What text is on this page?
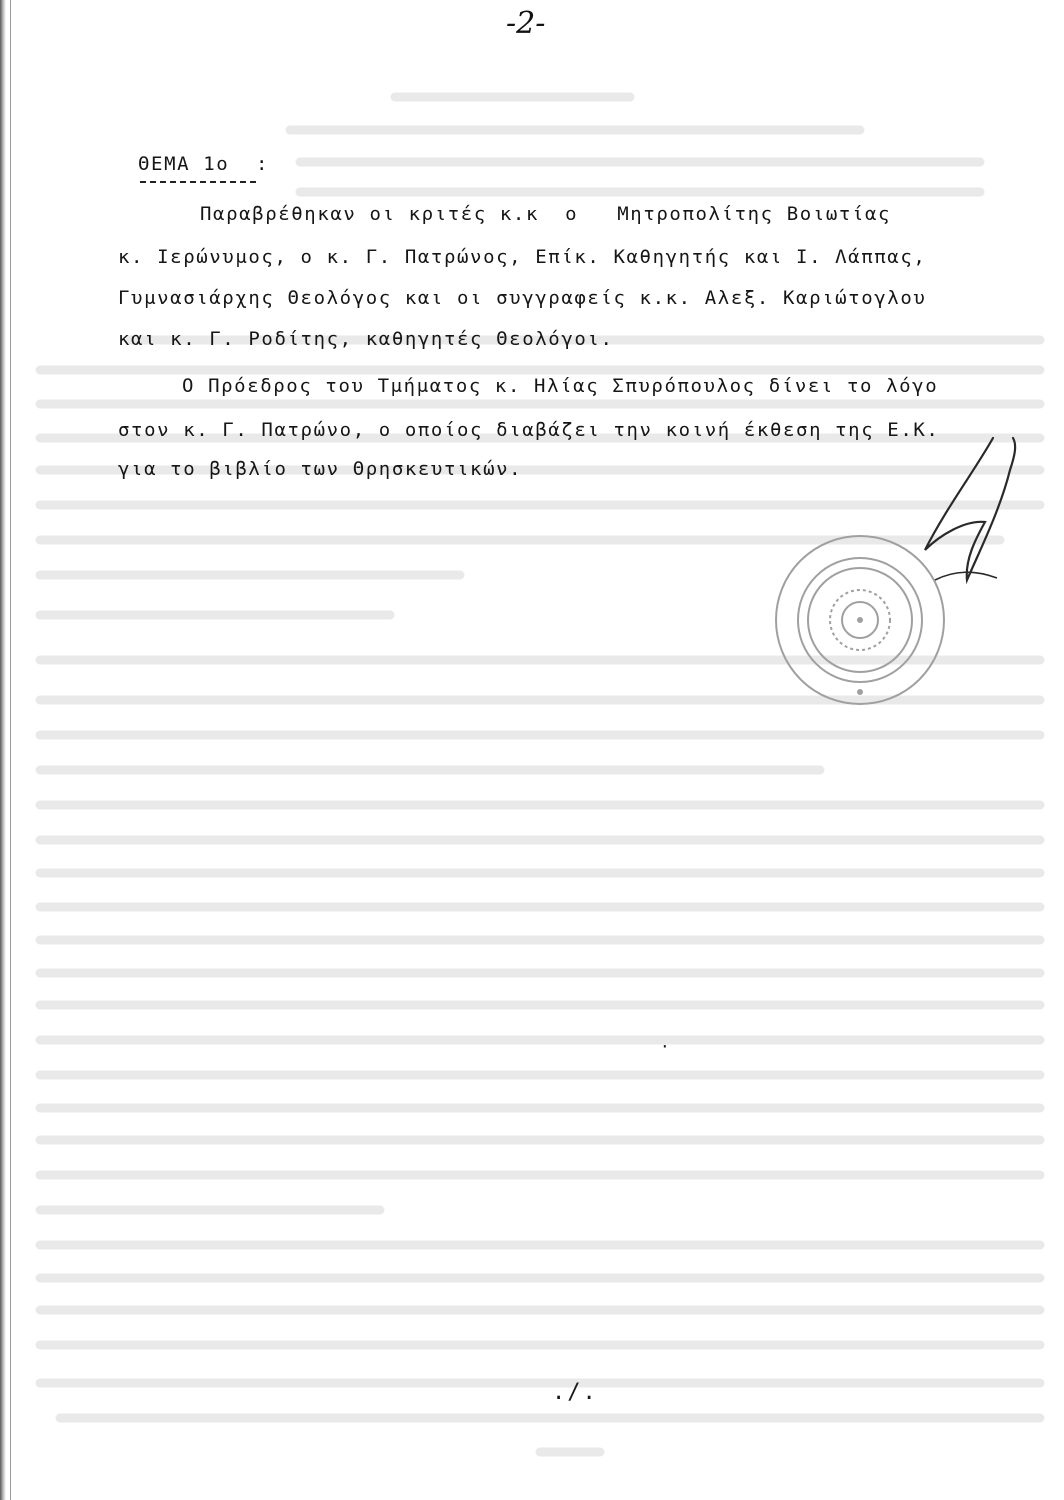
-2-
ΘΕΜΑ 1ο :
Παραβρέθηκαν οι κριτές κ.κ  ο   Μητροπολίτης Βοιωτίας
κ. Ιερώνυμος, ο κ. Γ. Πατρώνος, Επίκ. Καθηγητής και Ι. Λάππας,
Γυμνασιάρχης Θεολόγος και οι συγγραφείς κ.κ. Αλεξ. Καριώτογλου
και κ. Γ. Ροδίτης, καθηγητές Θεολόγοι.
Ο Πρόεδρος του Τμήματος κ. Ηλίας Σπυρόπουλος δίνει το λόγο
στον κ. Γ. Πατρώνο, ο οποίος διαβάζει την κοινή έκθεση της Ε.Κ.
για το βιβλίο των Θρησκευτικών.
·
./.
